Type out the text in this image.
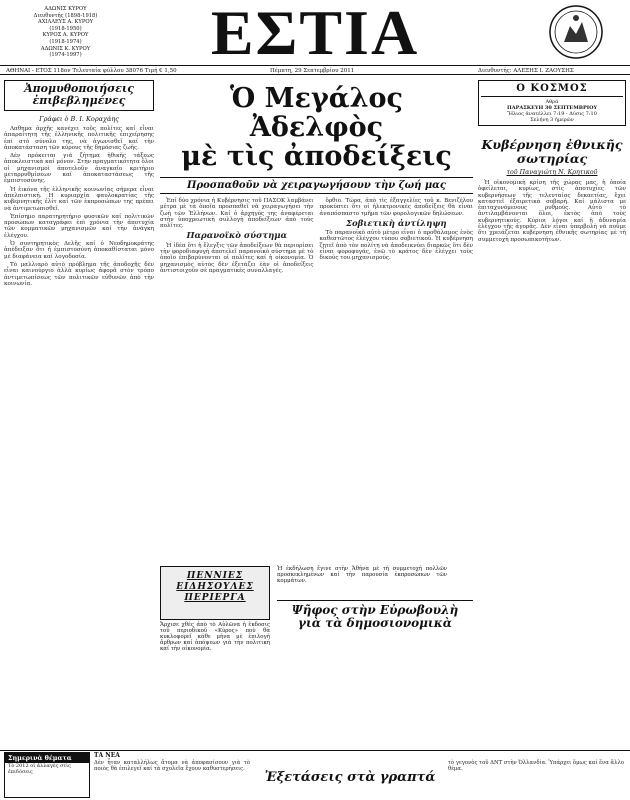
ΑΔΩΝΙΣ ΚΥΡΟΥ
Διευθυντής (1898-1918)
ΑΧΙΛΛΕΥΣ Α. ΚΥΡΟΥ
(1918-1950)
ΚΥΡΟΣ Α. ΚΥΡΟΥ
(1918-1974)
ΑΔΩΝΙΣ Κ. ΚΥΡΟΥ
(1974-1997)	ΕΣΤΙΑ
ΑΘΗΝΑΙ - ΕΤΟΣ 118ον Τελευταία φύλλου 38076 Τιμή € 1,50	Πέμπτη, 29 Σεπτεμβρίου 2011	Διευθυντής: ΑΛΕΞΗΣ Ι. ΖΑΟΥΣΗΣ
Ἀπομυθοποιήσεις ἐπιβεβλημένες
Γράφει ὁ Β. Ι. Κοραχάης

Λαθημα ἀρχῆς κανέχει τοῦς πολίτες καί εἶναι ἀπαραίτητη τῆς ἑλληνικῆς πολιτικῆς ἐπιχείρησης ἐπὶ στὸ σύνολο της, νὰ ἀγωνισθεῖ καί τὴν ἀποκατάσταση τῶν κύρους τῆς δημόσιας ζωῆς.

Δὲν πρόκειται γιὰ ζήτημα ἠθικῆς τάξεως ἀποκλειστικὰ καί μόνον. Στὴν πραγματικότητα ὅλοι οἱ μηχανισμοὶ ἀποτελοῦν ἀναγκαῖο κριτήριο μεταρρυθμίσεων καί ἀποκαταστάσεως τῆς ἐμπιστοσύνης.

Ἡ ἐικόνα τῆς ἑλληνικῆς κοινωνίας σήμερα εἶναι ἀπελπιστική. Η κυριαρχία φαυλοκρατίας τῆς κυβερνητικῆς ἐλίτ καί τῶν ἐκπροσώπων της πρέπει νὰ ἀντιμετωπισθεῖ.

Ἐπίσημο παρατηρητήριο φυσικῶν καί πολιτικῶν προσώπων καταγράφει ἐπὶ χρόνια τὴν ἀποτυχία τῶν κομματικῶν μηχανισμῶν καί τὴν ἀνάγκη ἐλέγχου.

Ὁ συντηρητικὸς Δελῆς καί ὁ Νεοδημοκράτης ἀπέδειξαν ὅτι ἡ ἐμπιστοσύνη ἀποκαθίσταται μόνο μὲ διαφάνεια καί λογοδοσία.

Τὸ μαλλιαρὸ αὐτὸ πρόβλημα τῆς ἀποδοχῆς δὲν εἶναι καινούργιο ἀλλὰ κυρίως ἀφορᾶ στὸν τρόπο ἀντιμετωπίσεως τῶν πολιτικῶν εὐθυνῶν ἀπὸ τὴν κοινωνία.

Ὁ Μεγάλος Ἀδελφὸς
μὲ τὶς ἀποδείξεις
Προσπαθοῦν νὰ χειραγωγήσουν τὴν ζωή μας

Ἐπί δύο χρόνια ἡ Κυβέρνησις τοῦ ΠΑΣΟΚ λαμβάνει μέτρα μὲ τὰ ὁποῖα προσπαθεῖ νὰ χειραγωγήσει τὴν ζωὴ τῶν Ἑλλήνων. Καί ὁ ἀρχηγός της ἀναφέρεται στὴν ὑποχρεωτικὴ συλλογὴ ἀποδείξεων ἀπὸ τοὺς πολῖτες.

Παρανοϊκὸ σύστημα

Ἡ ἰδέα ὅτι ἡ ἔλεγξις τῶν ἀποδείξεων θὰ περιορίσει τὴν φοροδιαφυγὴ ἀποτελεῖ παρανοϊκὸ σύστημα μὲ τὸ ὁποῖο ἐπιβαρύνονται οἱ πολῖτες καί ἡ οἰκονομία. Ὁ μηχανισμὸς αὐτὸς δὲν ἐξετάζει ἐὰν οἱ ἀποδείξεις ἀντιστοιχοῦν σὲ πραγματικὲς συναλλαγές.

ὄρθιο. Τώρα, ἀπὸ τὶς ἐξαγγελίες τοῦ κ. Βενιζέλου προκύπτει ὅτι οἱ ἠλεκτρονικὲς ἀποδείξεις θὰ εἶναι ἀναπόσπαστο τμῆμα τῶν φορολογικῶν δηλώσεων.

Σοβιετικὴ ἀντίληψη

Τὸ παρανοϊκὸ αὐτὸ μέτρο εἶναι ὁ προθάλαμος ἑνὸς καθεστῶτος ἐλέγχου τύπου σοβιετικοῦ. Ἡ κυβέρνηση ζητεῖ ἀπὸ τὸν πολίτη νὰ ἀποδεικνύει διαρκῶς ὅτι δὲν εἶναι φοροφυγάς, ἐνῶ τὸ κράτος δὲν ἐλέγχει τοὺς δικούς του μηχανισμούς.

Ο ΚΟΣΜΟΣ
Αθρά
ΠΑΡΑΣΚΕΥΗ 30 ΣΕΠΤΕΜΒΡΙΟΥ
Ἥλιος ἀνατέλλει 7:19 - Δύσις 7:10
Σελήνη 3 ἡμερῶν
Κυβέρνηση ἐθνικῆς σωτηρίας
τοῦ Παναγιώτη Ν. Κρητικοῦ

Ἡ οἰκονομικὴ κρίση τῆς χώρας μας, ἡ ὁποία ὀφείλεται, κυρίως, στὶς ἀποτυχίες τῶν κυβερνήσεων τῆς τελευταίας δεκαετίας, ἔχει καταστεῖ ἐξαιρετικὰ σοβαρή. Καί μάλιστα με ἐπιταχυνόμενους ρυθμούς. Αὐτὸ τὸ ἀντιλαμβάνονται ὅλοι, ἐκτὸς ἀπὸ τοὺς κυβερνητικούς. Κύριοι λόγοι καί ἡ ἀδυναμία ἐλέγχου τῆς ἀγορᾶς. Δὲν εἶναι ὑπερβολὴ νὰ ποῦμε ὅτι χρειάζεται κυβέρνηση ἐθνικῆς σωτηρίας μὲ τὴ συμμετοχὴ προσωπικοτήτων.

ΠΕΝΝΙΕΣ
ΕΙΔΗΣΟΥΛΕΣ
ΠΕΡΙΕΡΓΑ
Ἄρχισε χθὲς ἀπὸ τὸ Αὐλῶνα ἡ ἐκδοσις τοῦ περιοδικοῦ «Κύρος» ποὺ θὰ κυκλοφορεῖ κάθε μήνα μὲ ἐπιλογὴ ἄρθρων καί ἀπόψεων γιὰ τὴν πολιτικὴ καί τὴν οἰκονομία.
Ἡ ἐκδήλωση ἔγινε στὴν Ἀθήνα μὲ τὴ συμμετοχὴ πολλῶν προσκεκλημένων καί τὴν παρουσία ἐκπροσώπων τῶν κομμάτων.
Ψῆφος στὴν Εὐρωβουλὴ
γιὰ τὰ δημοσιονομικὰ
Σημερινὰ θέματα
Τὸ 2012 οἱ ἀλλαγὲς στὶς ἐπιδόσεις
ΤΑ ΝΕΑ
Δὲν ἦταν καταλλήλως ἄτομα νὰ ἀποφασίσουν γιὰ τὸ ποιὸς θὰ ἐπιλεγεῖ καί τὰ σχολεῖα ἔχουν καθυστερήσεις.
Ἐξετάσεις στὰ γραπτά
τὸ γεγονὸς τοῦ ΔΝΤ στὴν Ὀλλανδία. Ὑπάρχει ὅμως καί ἕνα ἄλλο θέμα.
